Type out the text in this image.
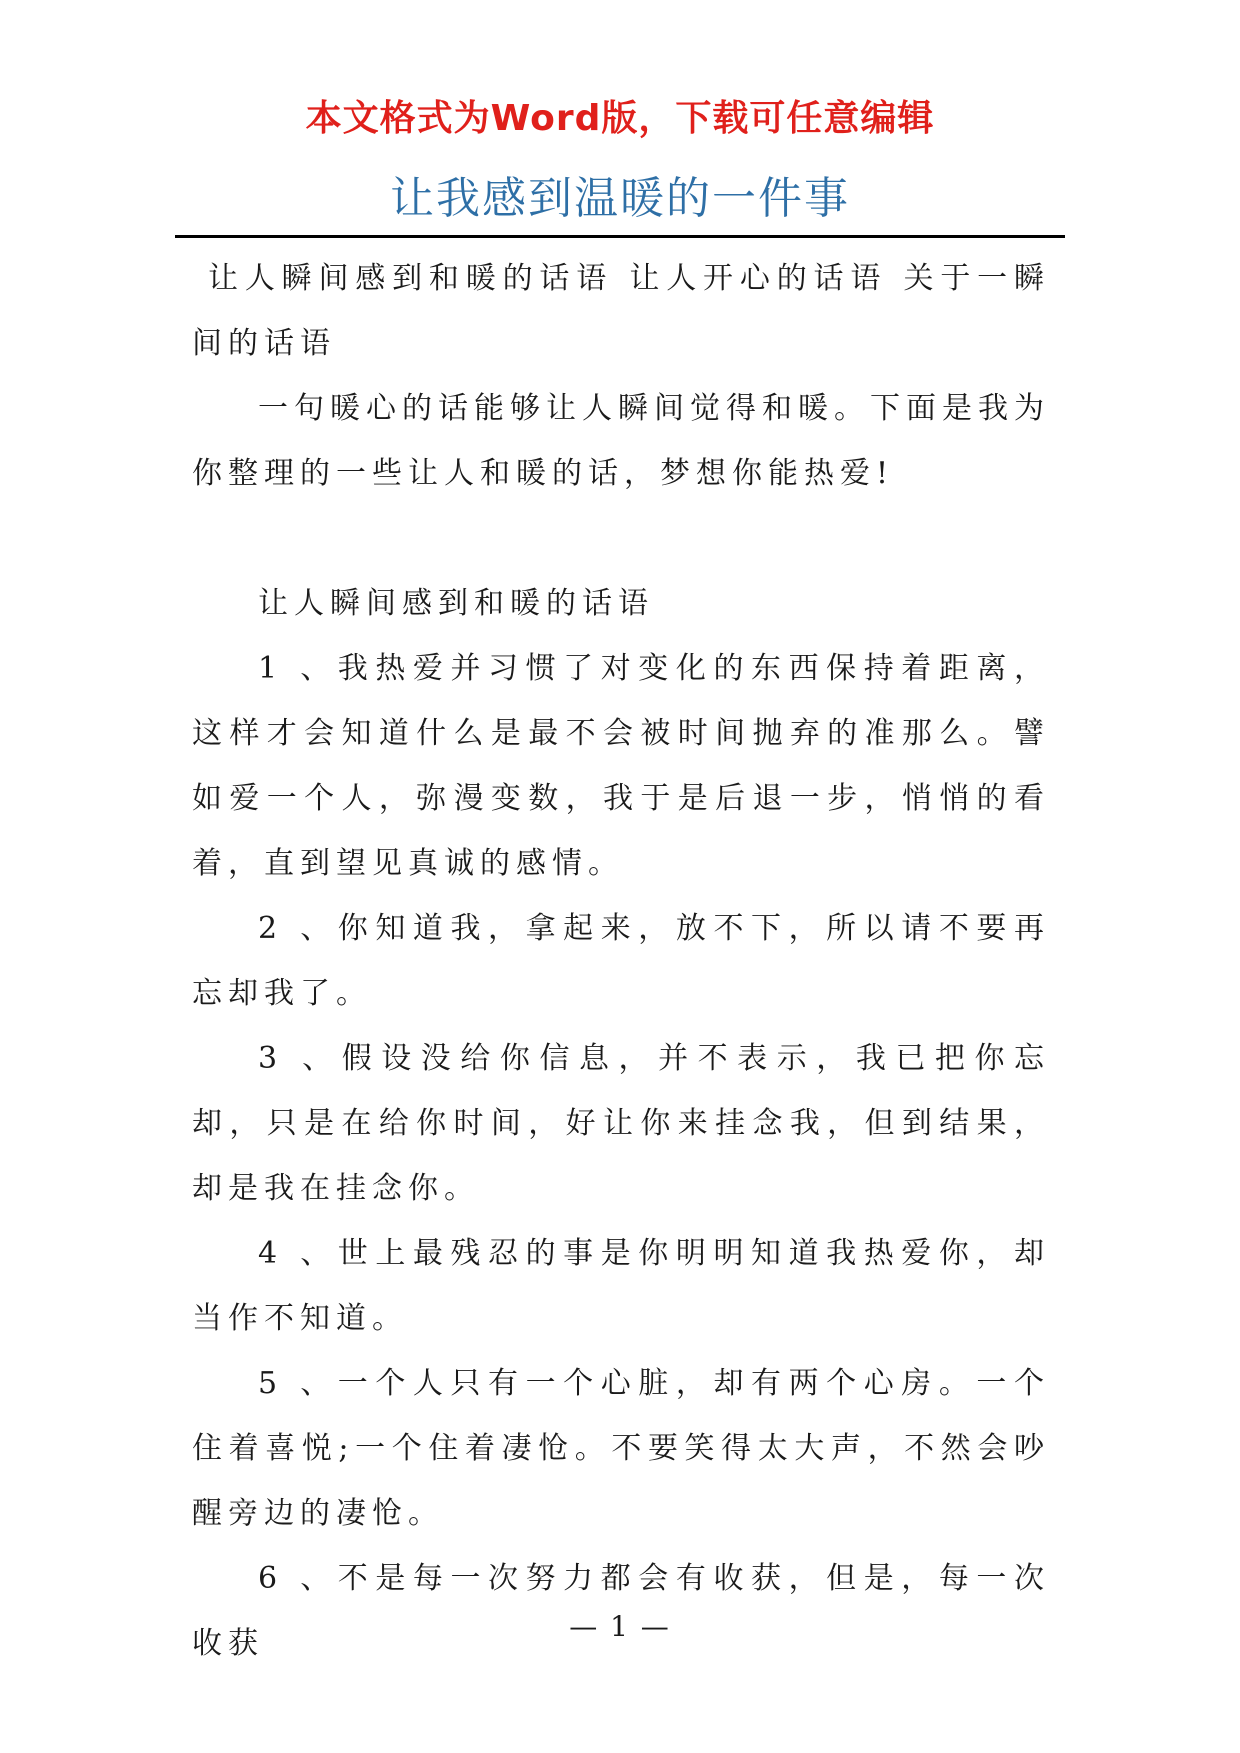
本文格式为Word版，下载可任意编辑
让我感到温暖的一件事

让人瞬间感到和暖的话语 让人开心的话语 关于一瞬间的话语

一句暖心的话能够让人瞬间觉得和暖。下面是我为你整理的一些让人和暖的话，梦想你能热爱!

让人瞬间感到和暖的话语

1 、我热爱并习惯了对变化的东西保持着距离，这样才会知道什么是最不会被时间抛弃的准那么。譬如爱一个人，弥漫变数，我于是后退一步，悄悄的看着，直到望见真诚的感情。

2 、你知道我，拿起来，放不下，所以请不要再忘却我了。

3 、假设没给你信息，并不表示，我已把你忘却，只是在给你时间，好让你来挂念我，但到结果，却是我在挂念你。

4 、世上最残忍的事是你明明知道我热爱你，却当作不知道。

5 、一个人只有一个心脏，却有两个心房。一个住着喜悦;一个住着凄怆。不要笑得太大声，不然会吵醒旁边的凄怆。

6 、不是每一次努力都会有收获，但是，每一次收获	— 1 —
